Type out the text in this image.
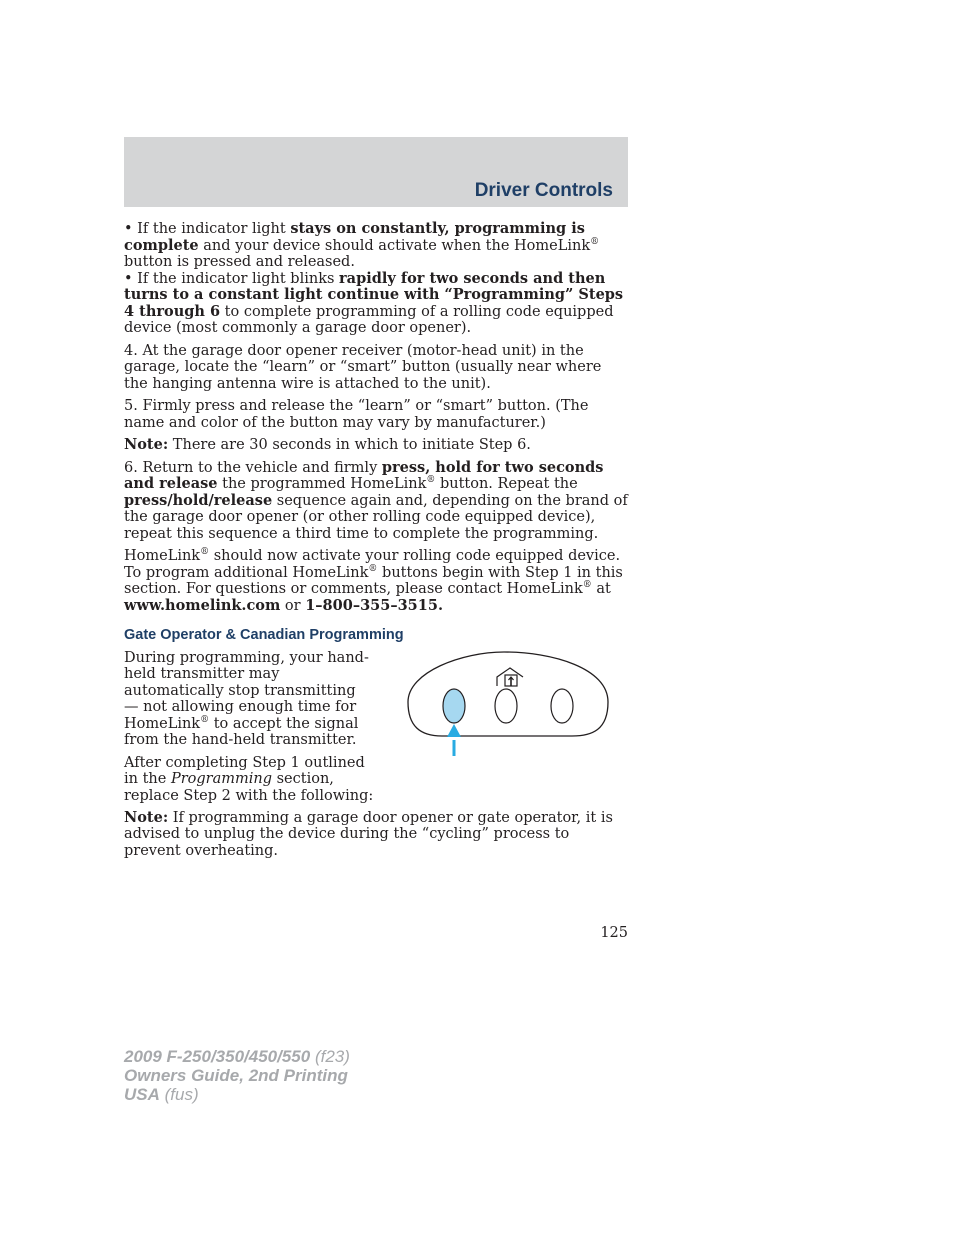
Driver Controls

• If the indicator light stays on constantly, programming is complete and your device should activate when the HomeLink® button is pressed and released.

• If the indicator light blinks rapidly for two seconds and then turns to a constant light continue with “Programming” Steps 4 through 6 to complete programming of a rolling code equipped device (most commonly a garage door opener).

4. At the garage door opener receiver (motor-head unit) in the garage, locate the “learn” or “smart” button (usually near where the hanging antenna wire is attached to the unit).

5. Firmly press and release the “learn” or “smart” button. (The name and color of the button may vary by manufacturer.)

Note: There are 30 seconds in which to initiate Step 6.

6. Return to the vehicle and firmly press, hold for two seconds and release the programmed HomeLink® button. Repeat the press/hold/release sequence again and, depending on the brand of the garage door opener (or other rolling code equipped device), repeat this sequence a third time to complete the programming.

HomeLink® should now activate your rolling code equipped device. To program additional HomeLink® buttons begin with Step 1 in this section. For questions or comments, please contact HomeLink® at www.homelink.com or 1–800–355–3515.

Gate Operator & Canadian Programming

During programming, your hand-held transmitter may automatically stop transmitting — not allowing enough time for HomeLink® to accept the signal from the hand-held transmitter.

After completing Step 1 outlined in the Programming section, replace Step 2 with the following:

Note: If programming a garage door opener or gate operator, it is advised to unplug the device during the “cycling” process to prevent overheating.

125
2009 F-250/350/450/550 (f23)
Owners Guide, 2nd Printing
USA (fus)
